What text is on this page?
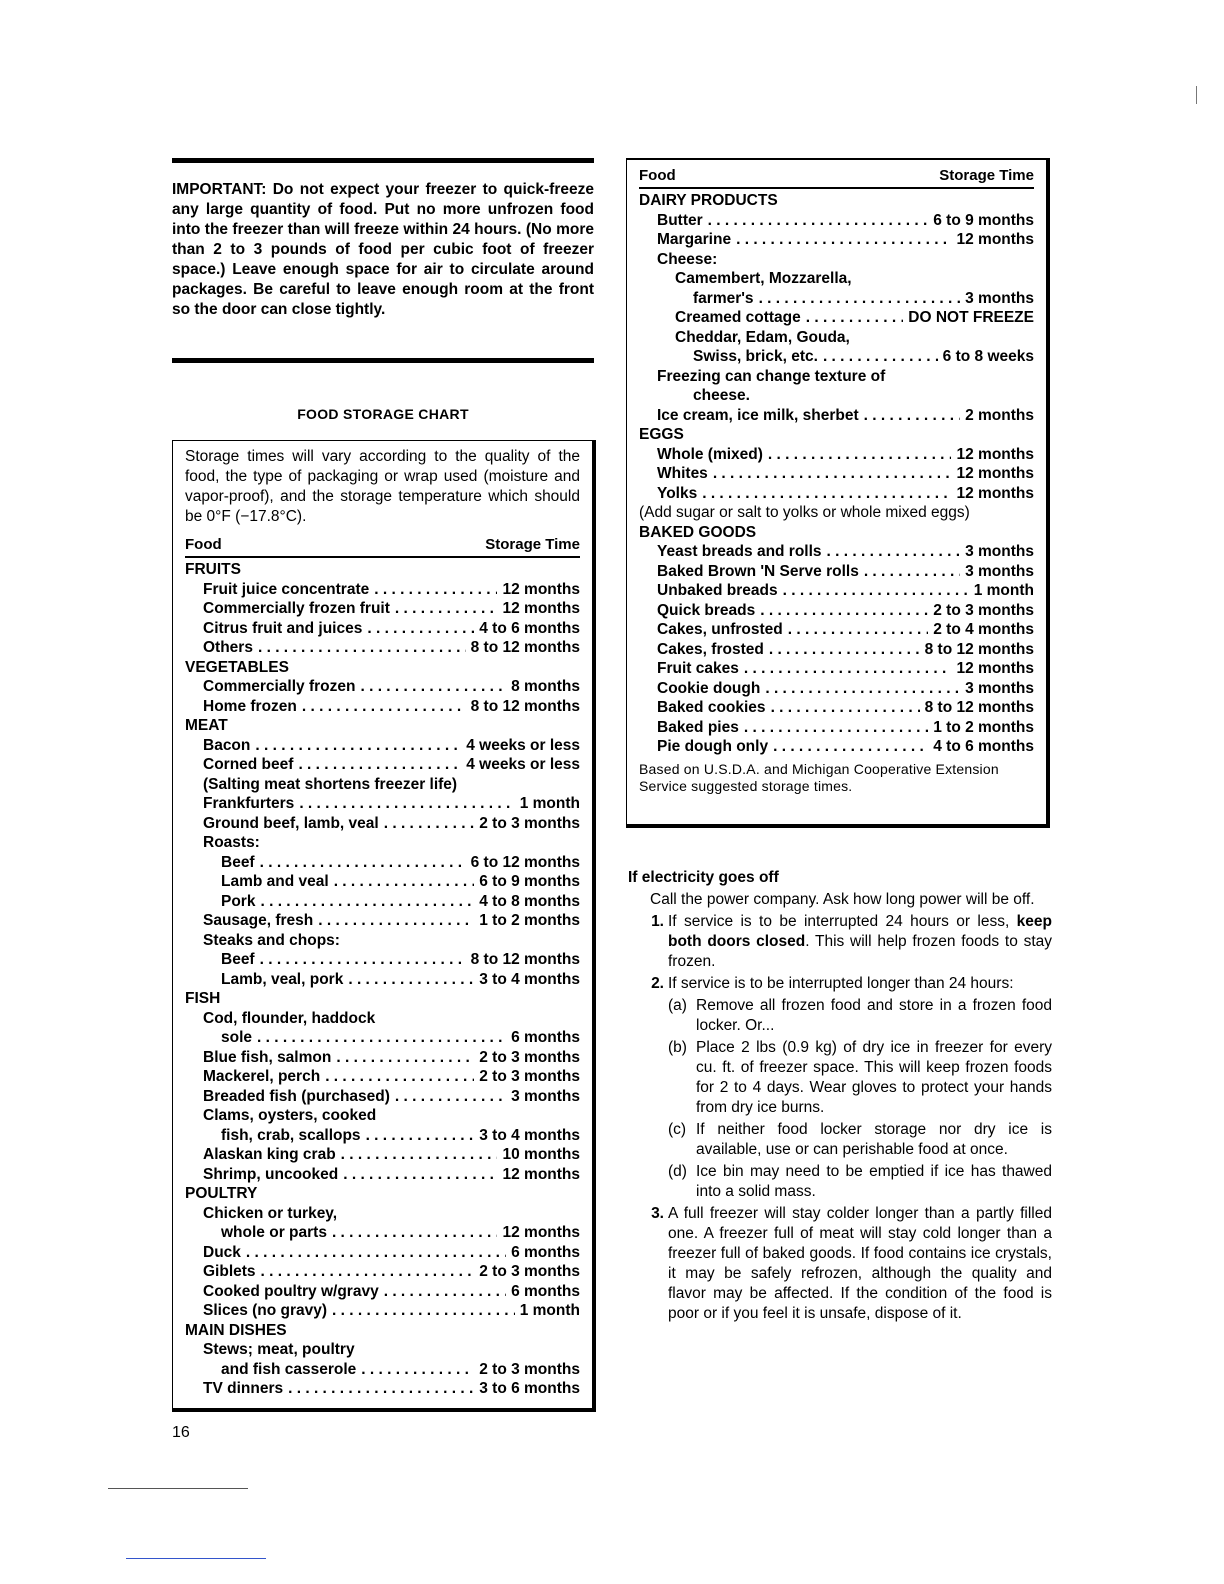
IMPORTANT: Do not expect your freezer to quick-freeze any large quantity of food. Put no more unfrozen food into the freezer than will freeze within 24 hours. (No more than 2 to 3 pounds of food per cubic foot of freezer space.) Leave enough space for air to circulate around packages. Be careful to leave enough room at the front so the door can close tightly.

FOOD STORAGE CHART

Storage times will vary according to the quality of the food, the type of packaging or wrap used (moisture and vapor-proof), and the storage temperature which should be 0°F (−17.8°C).

Food	Storage Time
FRUITS
Fruit juice concentrate . . .	12 months
Commercially frozen fruit . . .	12 months
Citrus fruit and juices . . .	4 to 6 months
Others . . .	8 to 12 months
VEGETABLES
Commercially frozen . . .	8 months
Home frozen . . .	8 to 12 months
MEAT
Bacon . . .	4 weeks or less
Corned beef . . .	4 weeks or less
(Salting meat shortens freezer life)
Frankfurters . . .	1 month
Ground beef, lamb, veal . . .	2 to 3 months
Roasts:
Beef . . .	6 to 12 months
Lamb and veal . . .	6 to 9 months
Pork . . .	4 to 8 months
Sausage, fresh . . .	1 to 2 months
Steaks and chops:
Beef . . .	8 to 12 months
Lamb, veal, pork . . .	3 to 4 months
FISH
Cod, flounder, haddock
sole . . .	6 months
Blue fish, salmon . . .	2 to 3 months
Mackerel, perch . . .	2 to 3 months
Breaded fish (purchased) . . .	3 months
Clams, oysters, cooked
fish, crab, scallops . . .	3 to 4 months
Alaskan king crab . . .	10 months
Shrimp, uncooked . . .	12 months
POULTRY
Chicken or turkey,
whole or parts . . .	12 months
Duck . . .	6 months
Giblets . . .	2 to 3 months
Cooked poultry w/gravy . . .	6 months
Slices (no gravy) . . .	1 month
MAIN DISHES
Stews; meat, poultry
and fish casserole . . .	2 to 3 months
TV dinners . . .	3 to 6 months
Food	Storage Time
DAIRY PRODUCTS
Butter . . .	6 to 9 months
Margarine . . .	12 months
Cheese:
Camembert, Mozzarella,
farmer's . . .	3 months
Creamed cottage . . .	DO NOT FREEZE
Cheddar, Edam, Gouda,
Swiss, brick, etc. . . .	6 to 8 weeks
Freezing can change texture of
cheese.
Ice cream, ice milk, sherbet . . .	2 months
EGGS
Whole (mixed) . . .	12 months
Whites . . .	12 months
Yolks . . .	12 months
(Add sugar or salt to yolks or whole mixed eggs)
BAKED GOODS
Yeast breads and rolls . . .	3 months
Baked Brown 'N Serve rolls . . .	3 months
Unbaked breads . . .	1 month
Quick breads . . .	2 to 3 months
Cakes, unfrosted . . .	2 to 4 months
Cakes, frosted . . .	8 to 12 months
Fruit cakes . . .	12 months
Cookie dough . . .	3 months
Baked cookies . . .	8 to 12 months
Baked pies . . .	1 to 2 months
Pie dough only . . .	4 to 6 months
Based on U.S.D.A. and Michigan Cooperative Extension Service suggested storage times.
If electricity goes off

Call the power company. Ask how long power will be off.

1. If service is to be interrupted 24 hours or less, keep both doors closed. This will help frozen foods to stay frozen.
2. If service is to be interrupted longer than 24 hours:
(a) Remove all frozen food and store in a frozen food locker. Or...
(b) Place 2 lbs (0.9 kg) of dry ice in freezer for every cu. ft. of freezer space. This will keep frozen foods for 2 to 4 days. Wear gloves to protect your hands from dry ice burns.
(c) If neither food locker storage nor dry ice is available, use or can perishable food at once.
(d) Ice bin may need to be emptied if ice has thawed into a solid mass.
3. A full freezer will stay colder longer than a partly filled one. A freezer full of meat will stay cold longer than a freezer full of baked goods. If food contains ice crystals, it may be safely refrozen, although the quality and flavor may be affected. If the condition of the food is poor or if you feel it is unsafe, dispose of it.

16
